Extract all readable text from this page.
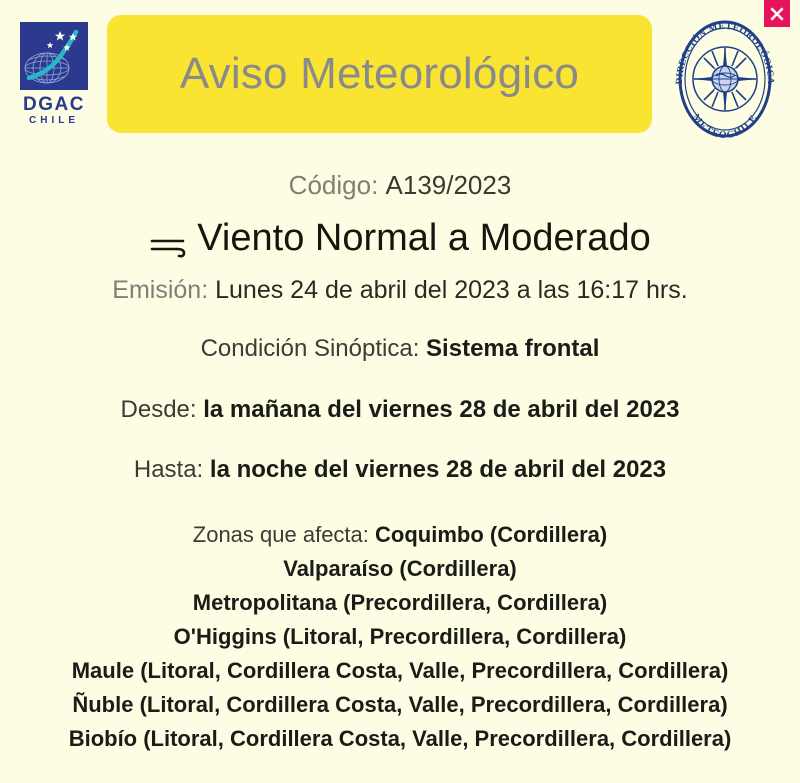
DGAC
CHILE
Aviso Meteorológico	DIRECCIÓN METEOROLÓGICA
METEOCHILE
Código: A139/2023
Viento Normal a Moderado
Emisión: Lunes 24 de abril del 2023 a las 16:17 hrs.
Condición Sinóptica: Sistema frontal
Desde: la mañana del viernes 28 de abril del 2023
Hasta: la noche del viernes 28 de abril del 2023
Zonas que afecta: Coquimbo (Cordillera)
Valparaíso (Cordillera)
Metropolitana (Precordillera, Cordillera)
O'Higgins (Litoral, Precordillera, Cordillera)
Maule (Litoral, Cordillera Costa, Valle, Precordillera, Cordillera)
Ñuble (Litoral, Cordillera Costa, Valle, Precordillera, Cordillera)
Biobío (Litoral, Cordillera Costa, Valle, Precordillera, Cordillera)
